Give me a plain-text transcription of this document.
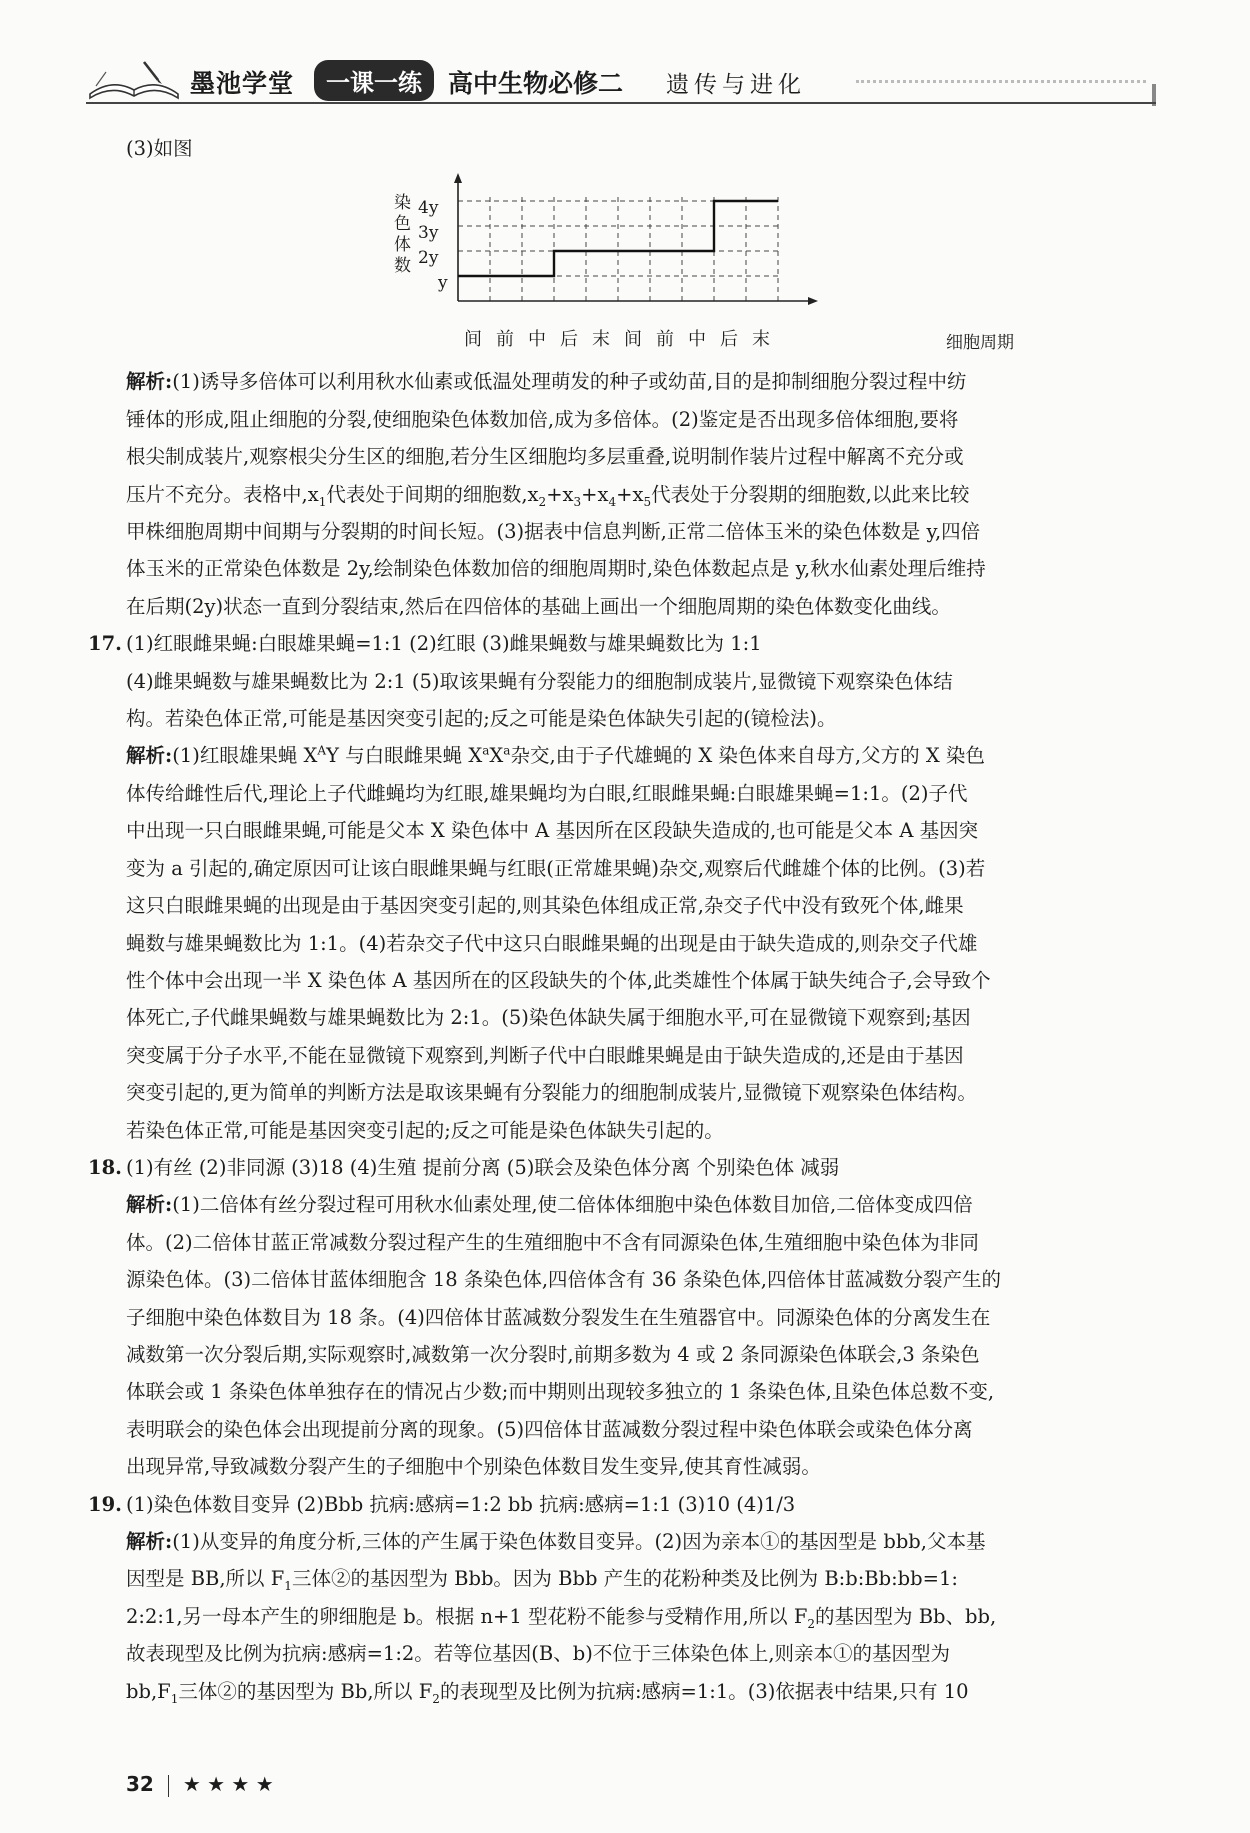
墨池学堂	一课一练	高中生物必修二 遗传与进化

(3)如图

染
色
体
数
y
2y
3y
4y
间 前 中 后 末 间 前 中 后 末	细胞周期

解析:(1)诱导多倍体可以利用秋水仙素或低温处理萌发的种子或幼苗,目的是抑制细胞分裂过程中纺

锤体的形成,阻止细胞的分裂,使细胞染色体数加倍,成为多倍体。(2)鉴定是否出现多倍体细胞,要将

根尖制成装片,观察根尖分生区的细胞,若分生区细胞均多层重叠,说明制作装片过程中解离不充分或

压片不充分。表格中$,x_1$代表处于间期的细胞数$,x_2+x_3+x_4+x_5$代表处于分裂期的细胞数,以此来比较

甲株细胞周期中间期与分裂期的时间长短。(3)据表中信息判断,正常二倍体玉米的染色体数是 y,四倍

体玉米的正常染色体数是 2y,绘制染色体数加倍的细胞周期时,染色体数起点是 y,秋水仙素处理后维持

在后期(2y)状态一直到分裂结束,然后在四倍体的基础上画出一个细胞周期的染色体数变化曲线。

17. (1)红眼雌果蝇:白眼雄果蝇=1:1 (2)红眼 (3)雌果蝇数与雄果蝇数比为 1:1

(4)雌果蝇数与雄果蝇数比为 2:1 (5)取该果蝇有分裂能力的细胞制成装片,显微镜下观察染色体结

构。若染色体正常,可能是基因突变引起的;反之可能是染色体缺失引起的(镜检法)。

解析:(1)红眼雄果蝇 $X^AY$ 与白眼雌果蝇 $X^aX^a$杂交,由于子代雄蝇的 X 染色体来自母方,父方的 X 染色

体传给雌性后代,理论上子代雌蝇均为红眼,雄果蝇均为白眼,红眼雌果蝇:白眼雄果蝇=1:1。(2)子代

中出现一只白眼雌果蝇,可能是父本 X 染色体中 A 基因所在区段缺失造成的,也可能是父本 A 基因突

变为 a 引起的,确定原因可让该白眼雌果蝇与红眼(正常雄果蝇)杂交,观察后代雌雄个体的比例。(3)若

这只白眼雌果蝇的出现是由于基因突变引起的,则其染色体组成正常,杂交子代中没有致死个体,雌果

蝇数与雄果蝇数比为 1:1。(4)若杂交子代中这只白眼雌果蝇的出现是由于缺失造成的,则杂交子代雄

性个体中会出现一半 X 染色体 A 基因所在的区段缺失的个体,此类雄性个体属于缺失纯合子,会导致个

体死亡,子代雌果蝇数与雄果蝇数比为 2:1。(5)染色体缺失属于细胞水平,可在显微镜下观察到;基因

突变属于分子水平,不能在显微镜下观察到,判断子代中白眼雌果蝇是由于缺失造成的,还是由于基因

突变引起的,更为简单的判断方法是取该果蝇有分裂能力的细胞制成装片,显微镜下观察染色体结构。

若染色体正常,可能是基因突变引起的;反之可能是染色体缺失引起的。

18. (1)有丝 (2)非同源 (3)18 (4)生殖 提前分离 (5)联会及染色体分离 个别染色体 减弱

解析:(1)二倍体有丝分裂过程可用秋水仙素处理,使二倍体体细胞中染色体数目加倍,二倍体变成四倍

体。(2)二倍体甘蓝正常减数分裂过程产生的生殖细胞中不含有同源染色体,生殖细胞中染色体为非同

源染色体。(3)二倍体甘蓝体细胞含 18 条染色体,四倍体含有 36 条染色体,四倍体甘蓝减数分裂产生的

子细胞中染色体数目为 18 条。(4)四倍体甘蓝减数分裂发生在生殖器官中。同源染色体的分离发生在

减数第一次分裂后期,实际观察时,减数第一次分裂时,前期多数为 4 或 2 条同源染色体联会,3 条染色

体联会或 1 条染色体单独存在的情况占少数;而中期则出现较多独立的 1 条染色体,且染色体总数不变,

表明联会的染色体会出现提前分离的现象。(5)四倍体甘蓝减数分裂过程中染色体联会或染色体分离

出现异常,导致减数分裂产生的子细胞中个别染色体数目发生变异,使其育性减弱。

19. (1)染色体数目变异 (2)Bbb 抗病:感病=1:2 bb 抗病:感病=1:1 (3)10 (4)1/3

解析:(1)从变异的角度分析,三体的产生属于染色体数目变异。(2)因为亲本①的基因型是 bbb,父本基

因型是 BB,所以 $F_1$三体②的基因型为 Bbb。因为 Bbb 产生的花粉种类及比例为 B:b:Bb:bb=1:

2:2:1,另一母本产生的卵细胞是 b。根据 n+1 型花粉不能参与受精作用,所以 $F_2$的基因型为 Bb、bb,

故表现型及比例为抗病:感病=1:2。若等位基因(B、b)不位于三体染色体上,则亲本①的基因型为

$bb,F_1$三体②的基因型为 Bb,所以 $F_2$的表现型及比例为抗病:感病=1:1。(3)依据表中结果,只有 10

32 ★ ★ ★ ★
